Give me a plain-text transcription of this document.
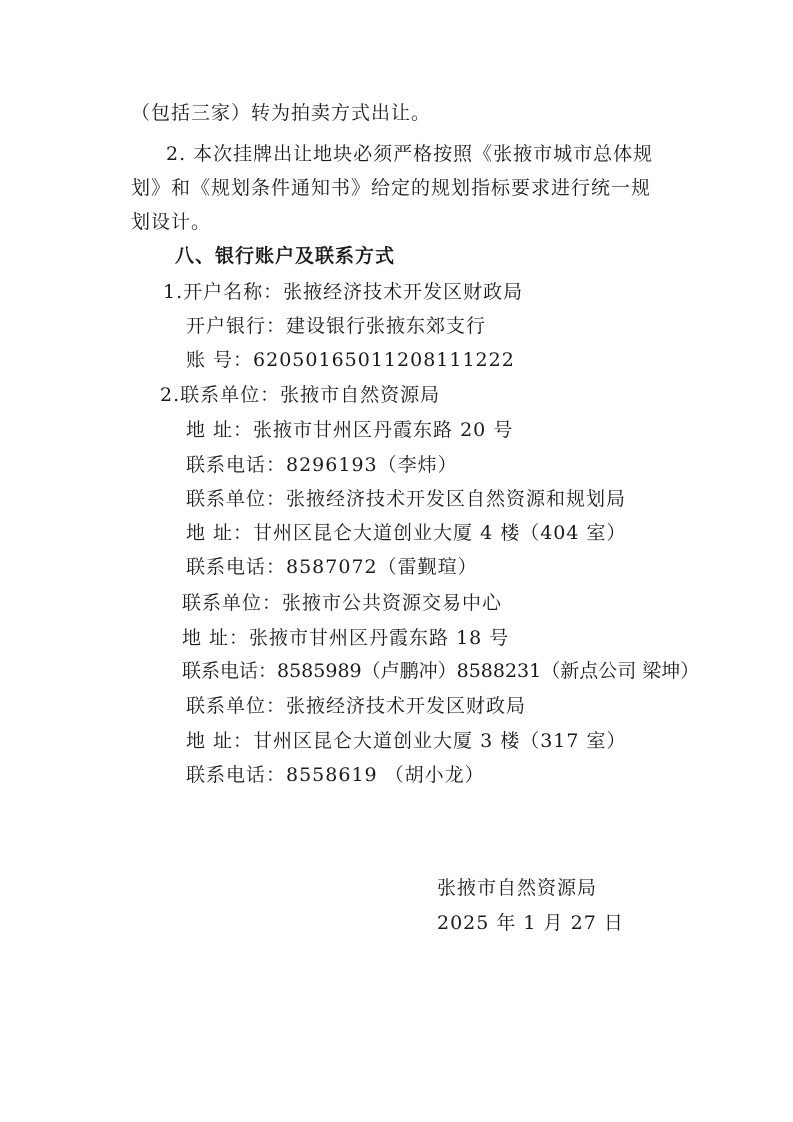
（包括三家）转为拍卖方式出让。
2. 本次挂牌出让地块必须严格按照《张掖市城市总体规
划》和《规划条件通知书》给定的规划指标要求进行统一规
划设计。
八、银行账户及联系方式
1.开户名称：张掖经济技术开发区财政局
开户银行：建设银行张掖东郊支行
账 号：62050165011208111222
2.联系单位：张掖市自然资源局
地 址：张掖市甘州区丹霞东路 20 号
联系电话：8296193（李炜）
联系单位：张掖经济技术开发区自然资源和规划局
地 址：甘州区昆仑大道创业大厦 4 楼（404 室）
联系电话：8587072（雷觐瑄）
联系单位：张掖市公共资源交易中心
地 址：张掖市甘州区丹霞东路 18 号
联系电话：8585989（卢鹏冲）8588231（新点公司 梁坤）
联系单位：张掖经济技术开发区财政局
地 址：甘州区昆仑大道创业大厦 3 楼（317 室）
联系电话：8558619 （胡小龙）
张掖市自然资源局
2025 年 1 月 27 日
